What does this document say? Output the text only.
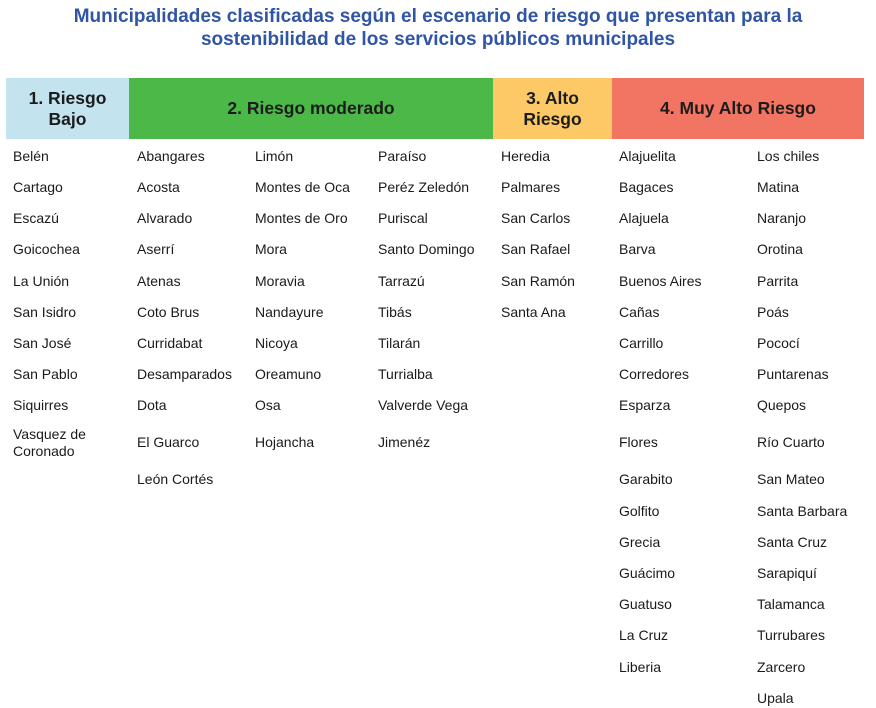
Municipalidades clasificadas según el escenario de riesgo que presentan para la
sostenibilidad de los servicios públicos municipales
1. Riesgo Bajo
2. Riesgo moderado
3. Alto Riesgo
4. Muy Alto Riesgo
Belén
Cartago
Escazú
Goicochea
La Unión
San Isidro
San José
San Pablo
Siquirres
Vasquez de Coronado
Abangares
Acosta
Alvarado
Aserrí
Atenas
Coto Brus
Curridabat
Desamparados
Dota
El Guarco
León Cortés
Limón
Montes de Oca
Montes de Oro
Mora
Moravia
Nandayure
Nicoya
Oreamuno
Osa
Hojancha
Paraíso
Peréz Zeledón
Puriscal
Santo Domingo
Tarrazú
Tibás
Tilarán
Turrialba
Valverde Vega
Jimenéz
Heredia
Palmares
San Carlos
San Rafael
San Ramón
Santa Ana
Alajuelita
Bagaces
Alajuela
Barva
Buenos Aires
Cañas
Carrillo
Corredores
Esparza
Flores
Garabito
Golfito
Grecia
Guácimo
Guatuso
La Cruz
Liberia
Los chiles
Matina
Naranjo
Orotina
Parrita
Poás
Pococí
Puntarenas
Quepos
Río Cuarto
San Mateo
Santa Barbara
Santa Cruz
Sarapiquí
Talamanca
Turrubares
Zarcero
Upala
